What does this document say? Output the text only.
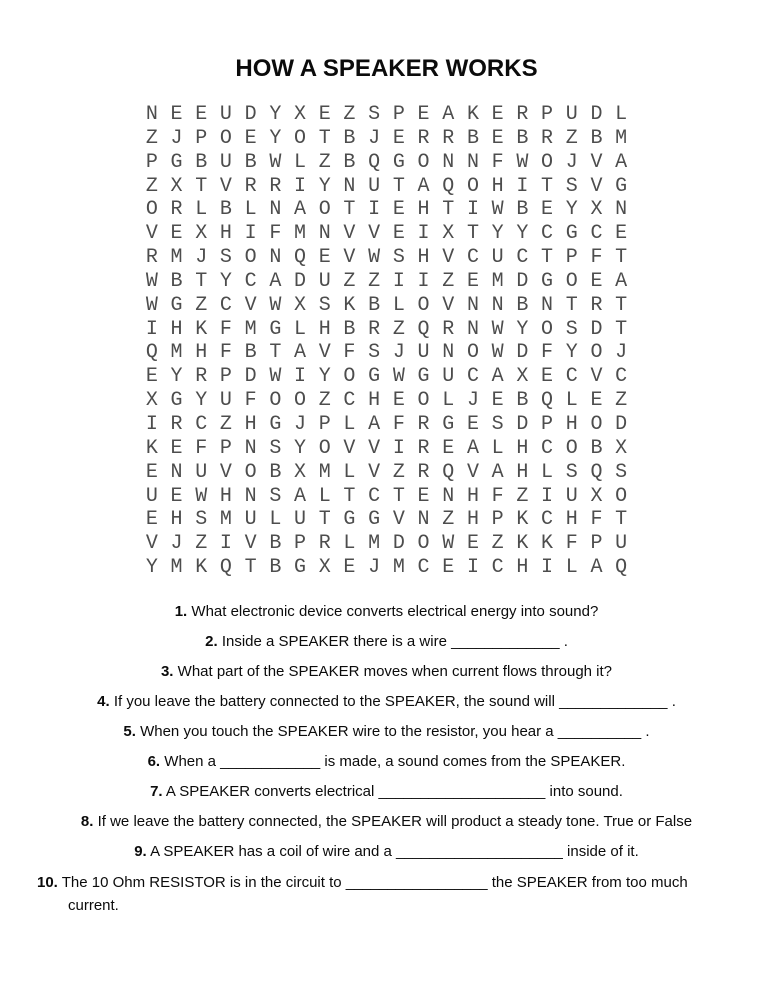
HOW A SPEAKER WORKS
NEEUDYXEZSPEAKERPUDL
ZJPOEYOTBJERRBEBRZBM
PGBUBWLZBQGONNFWOJVA
ZXTVRRIYNUTAQOHITSVG
ORLBLNAOTIEHTIWBEYXN
VEXHIFMNVVEIXTYYCGCE
RMJSONQEVWSHVCUCTPFT
WBTYCADUZZIIZEMDGOEA
WGZCVWXSKBLOVNNBNTRT
IHKFMGLHBRZQRNWYOSDT
QMHFBTAVFSJUNOWDFYOJ
EYRPDWIYOGWGUCAXECVC
XGYUFOOZCHEOLJEBQLEZ
IRCZHGJPLAFRGESDPHOD
KEFPNSYOVVIREALHCOBX
ENUVOBXMLVZRQVAHLSQS
UEWHNSALTCTENHFZIUXO
EHSMULUTGGVNZHPKCHFT
VJZIVBPRLMDOWEZKKFPU
YMKQTBGXEJMCEICHILAQ
1. What electronic device converts electrical energy into sound?
2. Inside a SPEAKER there is a wire _____________ .
3. What part of the SPEAKER moves when current flows through it?
4. If you leave the battery connected to the SPEAKER, the sound will _____________ .
5. When you touch the SPEAKER wire to the resistor, you hear a __________ .
6. When a ____________ is made, a sound comes from the SPEAKER.
7. A SPEAKER converts electrical ____________________ into sound.
8. If we leave the battery connected, the SPEAKER will product a steady tone. True or False
9. A SPEAKER has a coil of wire and a ____________________ inside of it.
10. The 10 Ohm RESISTOR is in the circuit to _________________ the SPEAKER from too much current.
